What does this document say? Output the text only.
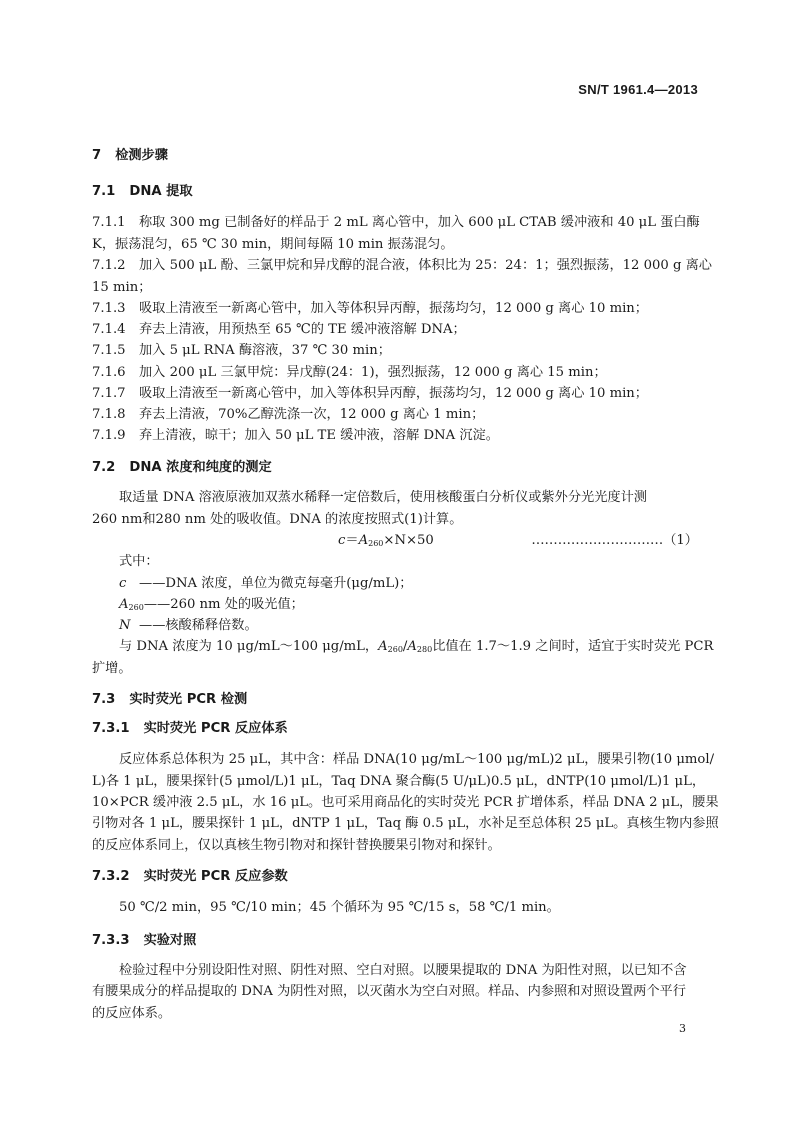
SN/T 1961.4—2013
7 检测步骤
7.1 DNA 提取
7.1.1 称取 300 mg 已制备好的样品于 2 mL 离心管中，加入 600 μL CTAB 缓冲液和 40 μL 蛋白酶
K，振荡混匀，65 ℃ 30 min，期间每隔 10 min 振荡混匀。
7.1.2 加入 500 μL 酚、三氯甲烷和异戊醇的混合液，体积比为 25：24：1；强烈振荡，12 000 g 离心
15 min；
7.1.3 吸取上清液至一新离心管中，加入等体积异丙醇，振荡均匀，12 000 g 离心 10 min；
7.1.4 弃去上清液，用预热至 65 ℃的 TE 缓冲液溶解 DNA；
7.1.5 加入 5 μL RNA 酶溶液，37 ℃ 30 min；
7.1.6 加入 200 μL 三氯甲烷：异戊醇(24：1)，强烈振荡，12 000 g 离心 15 min；
7.1.7 吸取上清液至一新离心管中，加入等体积异丙醇，振荡均匀，12 000 g 离心 10 min；
7.1.8 弃去上清液，70%乙醇洗涤一次，12 000 g 离心 1 min；
7.1.9 弃上清液，晾干；加入 50 μL TE 缓冲液，溶解 DNA 沉淀。
7.2 DNA 浓度和纯度的测定
取适量 DNA 溶液原液加双蒸水稀释一定倍数后，使用核酸蛋白分析仪或紫外分光光度计测
260 nm和280 nm 处的吸收值。DNA 的浓度按照式(1)计算。
$c=A_{260}\times N\times 50$	…………………………（1）
式中：
c ——DNA 浓度，单位为微克每毫升(μg/mL)；
$A_{260}——260$ nm 处的吸光值；
N ——核酸稀释倍数。
与 DNA 浓度为 10 μg/mL～100 μg/mL，$A_{260}/A_{280}$比值在 1.7～1.9 之间时，适宜于实时荧光 PCR
扩增。
7.3 实时荧光 PCR 检测
7.3.1 实时荧光 PCR 反应体系
反应体系总体积为 25 μL，其中含：样品 DNA(10 μg/mL～100 μg/mL)2 μL，腰果引物(10 μmol/
L)各 1 μL，腰果探针(5 μmol/L)1 μL，Taq DNA 聚合酶(5 U/μL)0.5 μL，dNTP(10 μmol/L)1 μL，
10×PCR 缓冲液 2.5 μL，水 16 μL。也可采用商品化的实时荧光 PCR 扩增体系，样品 DNA 2 μL，腰果
引物对各 1 μL，腰果探针 1 μL，dNTP 1 μL，Taq 酶 0.5 μL，水补足至总体积 25 μL。真核生物内参照
的反应体系同上，仅以真核生物引物对和探针替换腰果引物对和探针。
7.3.2 实时荧光 PCR 反应参数
50 ℃/2 min，95 ℃/10 min；45 个循环为 95 ℃/15 s，58 ℃/1 min。
7.3.3 实验对照
检验过程中分别设阳性对照、阴性对照、空白对照。以腰果提取的 DNA 为阳性对照，以已知不含
有腰果成分的样品提取的 DNA 为阴性对照，以灭菌水为空白对照。样品、内参照和对照设置两个平行
的反应体系。
3
